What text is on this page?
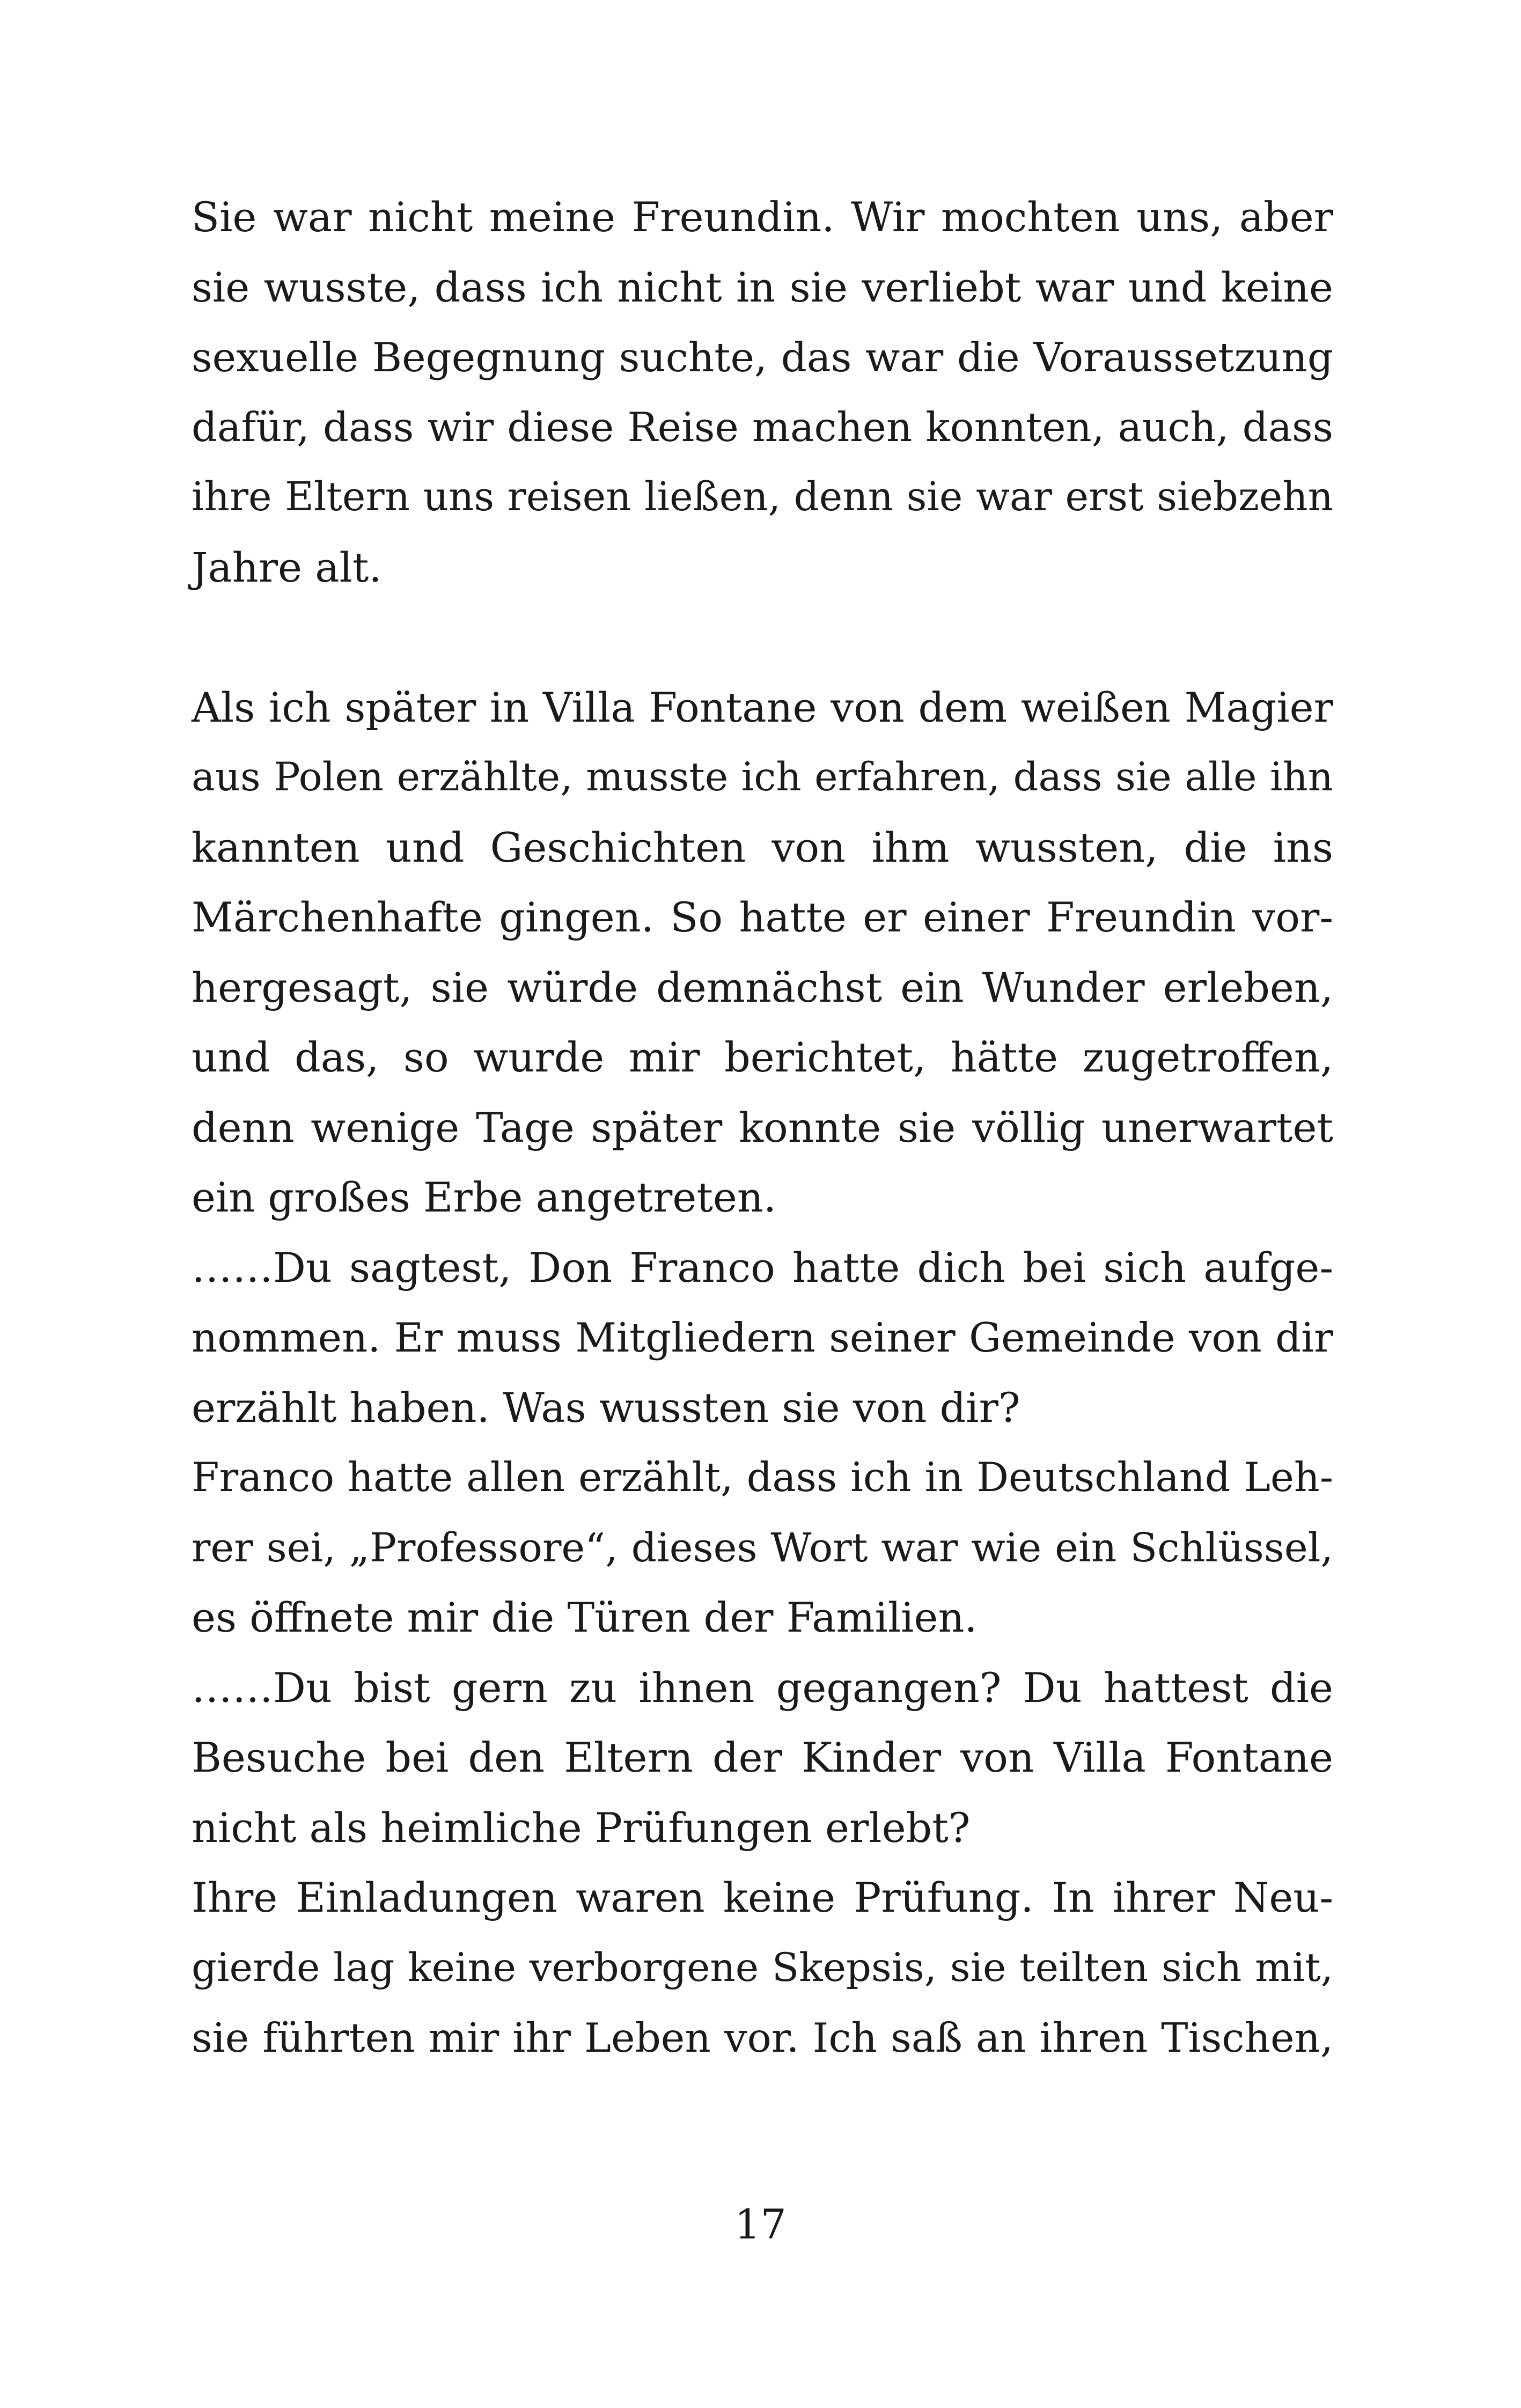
Sie war nicht meine Freundin. Wir mochten uns, aber
sie wusste, dass ich nicht in sie verliebt war und keine
sexuelle Begegnung suchte, das war die Voraussetzung
dafür, dass wir diese Reise machen konnten, auch, dass
ihre Eltern uns reisen ließen, denn sie war erst siebzehn
Jahre alt.
Als ich später in Villa Fontane von dem weißen Magier
aus Polen erzählte, musste ich erfahren, dass sie alle ihn
kannten und Geschichten von ihm wussten, die ins
Märchenhafte gingen. So hatte er einer Freundin vor-
hergesagt, sie würde demnächst ein Wunder erleben,
und das, so wurde mir berichtet, hätte zugetroffen,
denn wenige Tage später konnte sie völlig unerwartet
ein großes Erbe angetreten.
……Du sagtest, Don Franco hatte dich bei sich aufge-
nommen. Er muss Mitgliedern seiner Gemeinde von dir
erzählt haben. Was wussten sie von dir?
Franco hatte allen erzählt, dass ich in Deutschland Leh-
rer sei, „Professore“, dieses Wort war wie ein Schlüssel,
es öffnete mir die Türen der Familien.
……Du bist gern zu ihnen gegangen? Du hattest die
Besuche bei den Eltern der Kinder von Villa Fontane
nicht als heimliche Prüfungen erlebt?
Ihre Einladungen waren keine Prüfung. In ihrer Neu-
gierde lag keine verborgene Skepsis, sie teilten sich mit,
sie führten mir ihr Leben vor. Ich saß an ihren Tischen,
17
